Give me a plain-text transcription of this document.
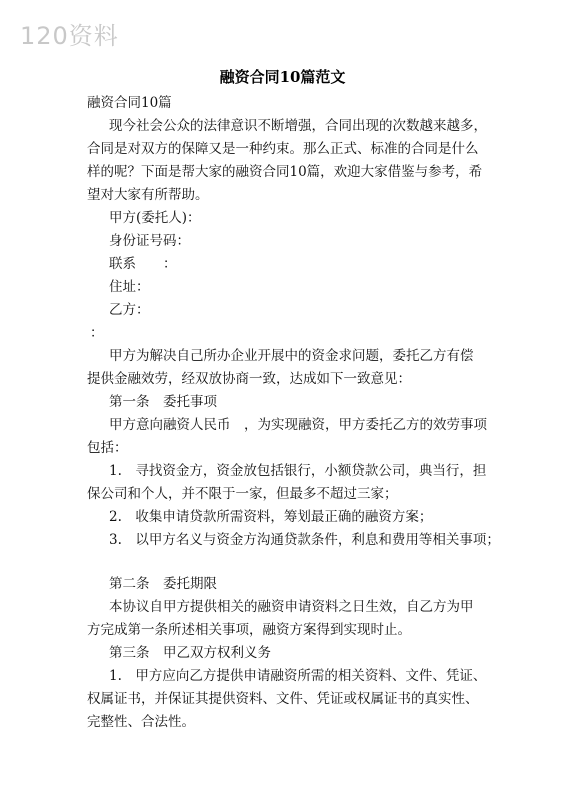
120资料
融资合同10篇范文
融资合同10篇
现今社会公众的法律意识不断增强，合同出现的次数越来越多，
合同是对双方的保障又是一种约束。那么正式、标准的合同是什么
样的呢？下面是帮大家的融资合同10篇，欢迎大家借鉴与参考，希
望对大家有所帮助。
甲方(委托人)：
身份证号码：
联系　　：
住址：
乙方：
：
甲方为解决自己所办企业开展中的资金求问题，委托乙方有偿
提供金融效劳，经双放协商一致，达成如下一致意见：
第一条　委托事项
甲方意向融资人民币　，为实现融资，甲方委托乙方的效劳事项
包括：
1.　寻找资金方，资金放包括银行，小额贷款公司，典当行，担
保公司和个人，并不限于一家，但最多不超过三家；
2.　收集申请贷款所需资料，筹划最正确的融资方案；
3.　以甲方名义与资金方沟通贷款条件，利息和费用等相关事项；
第二条　委托期限
本协议自甲方提供相关的融资申请资料之日生效，自乙方为甲
方完成第一条所述相关事项，融资方案得到实现时止。
第三条　甲乙双方权利义务
1.　甲方应向乙方提供申请融资所需的相关资料、文件、凭证、
权属证书，并保证其提供资料、文件、凭证或权属证书的真实性、
完整性、合法性。
